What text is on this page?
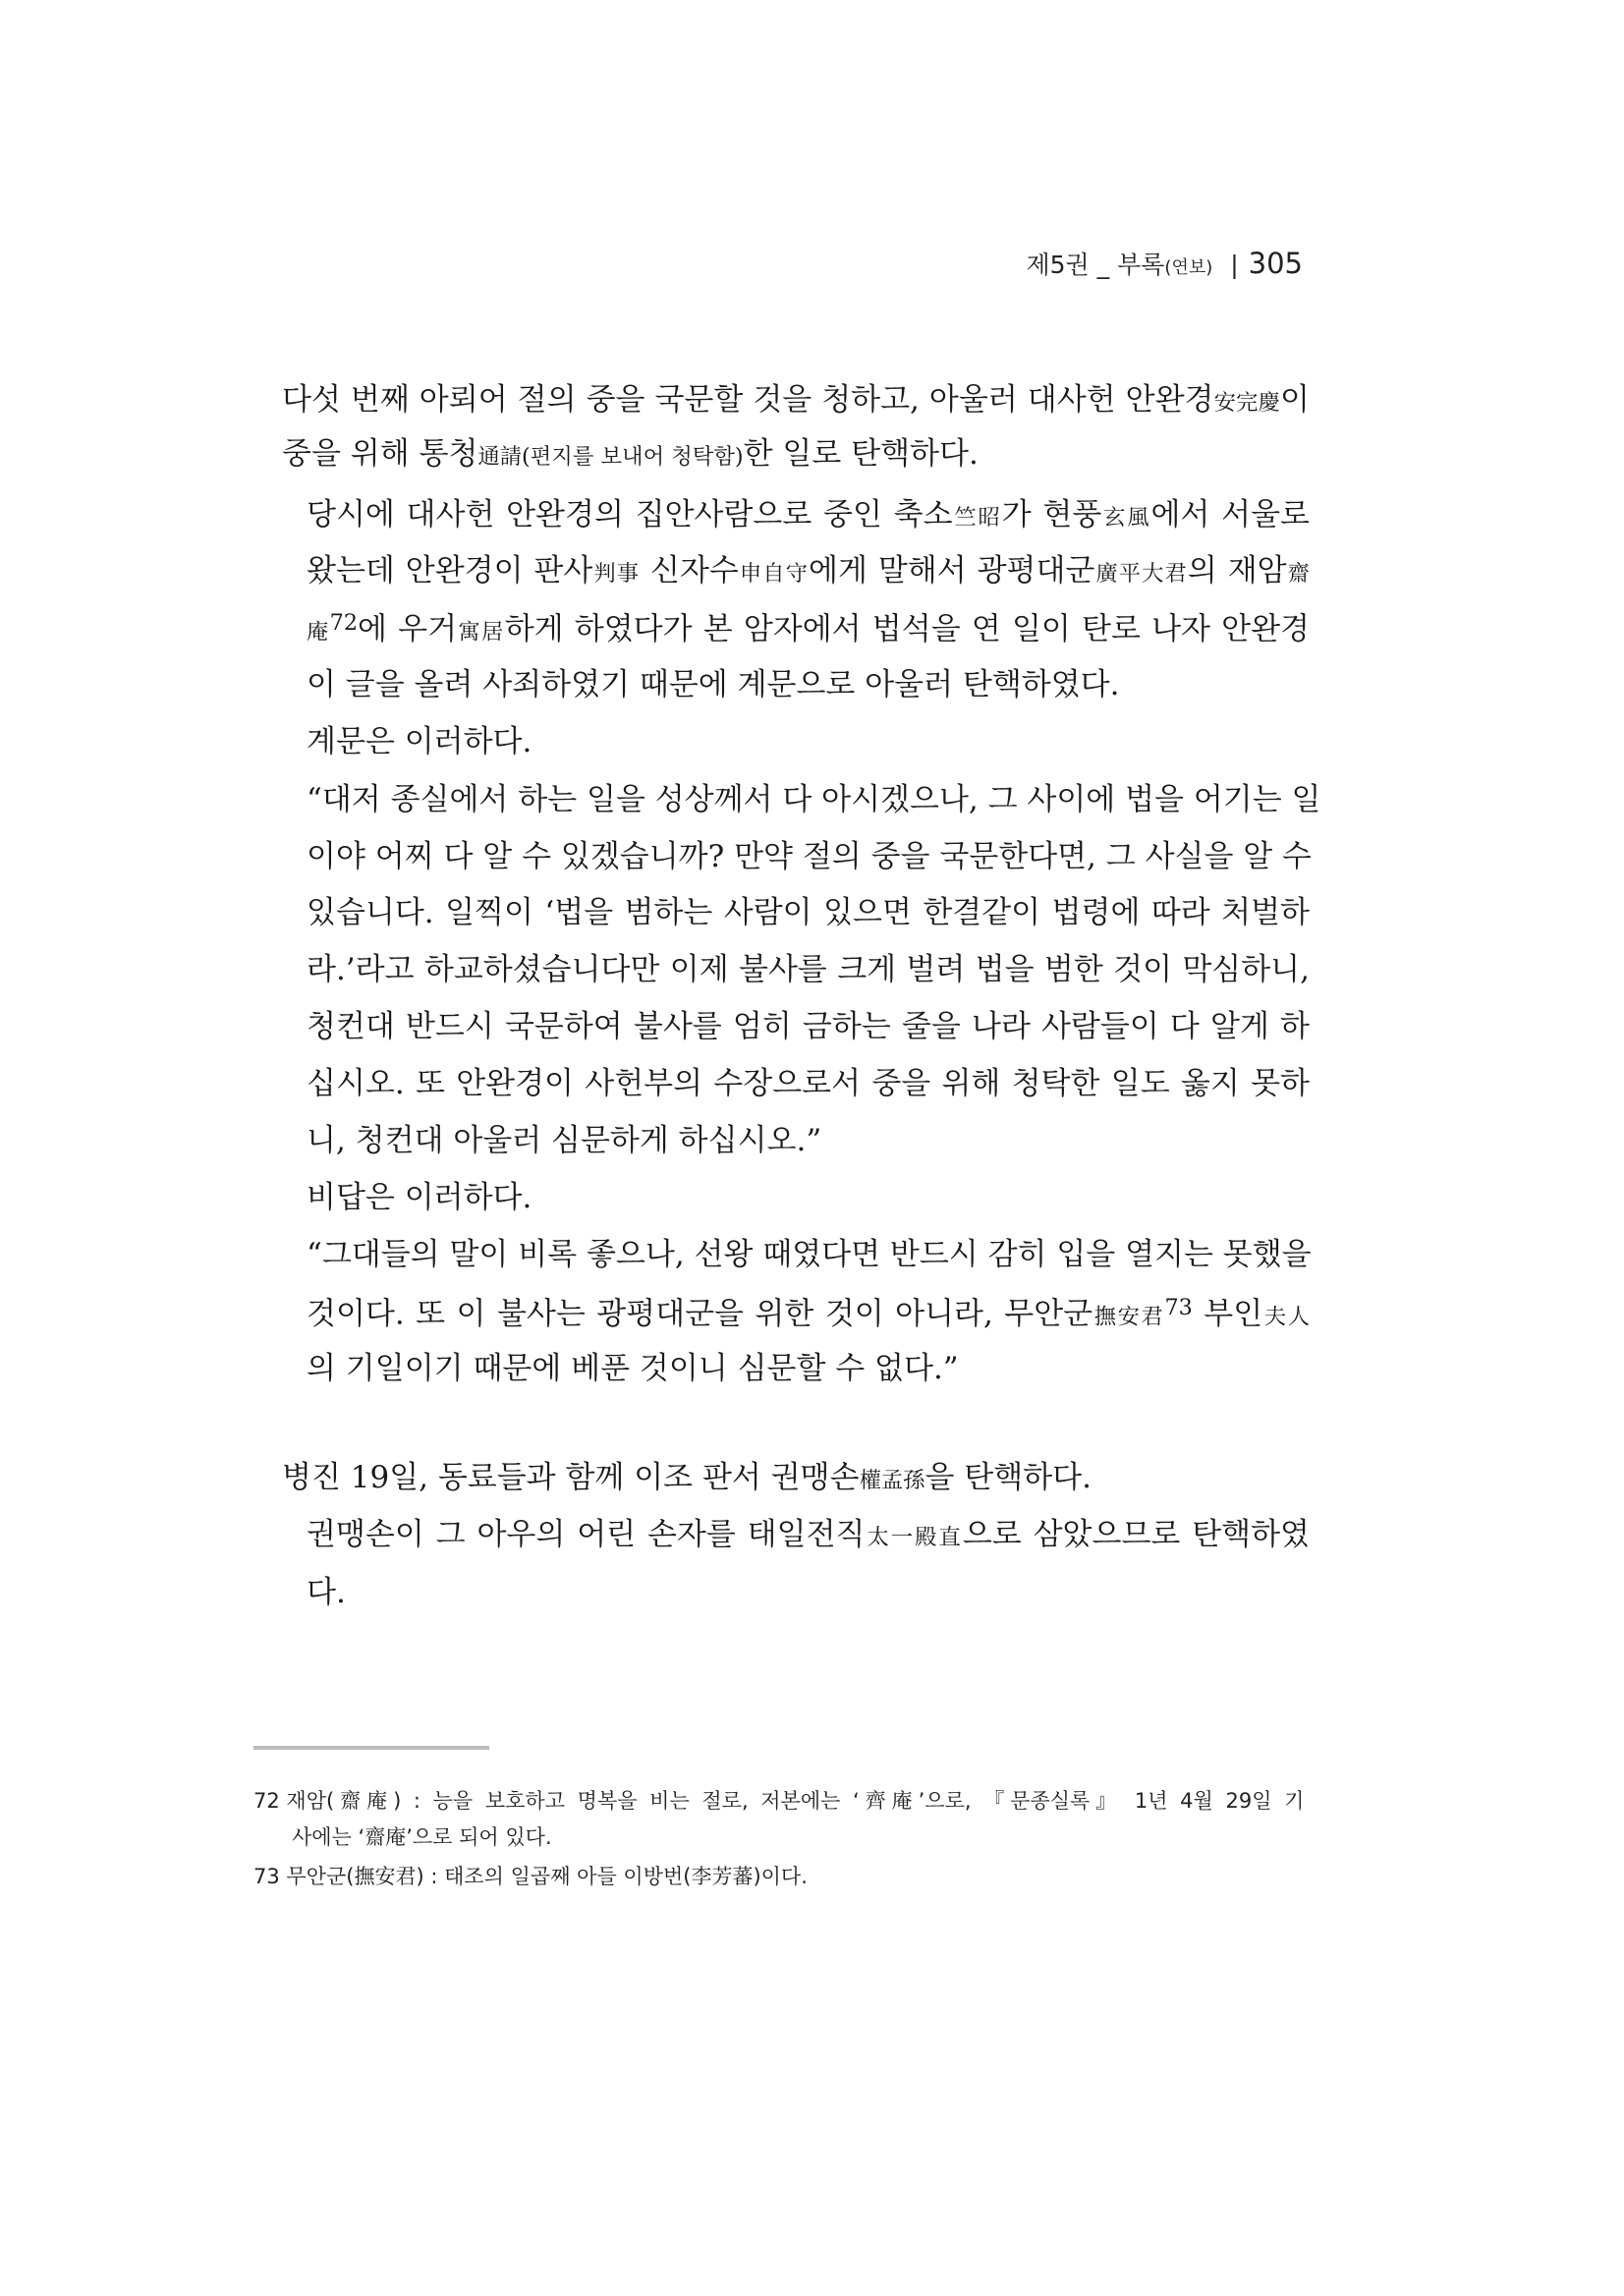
제5권 _ 부록(연보) | 305
다섯 번째 아뢰어 절의 중을 국문할 것을 청하고, 아울러 대사헌 안완경安完慶이
중을 위해 통청通請(편지를 보내어 청탁함)한 일로 탄핵하다.
당시에 대사헌 안완경의 집안사람으로 중인 축소竺昭가 현풍玄風에서 서울로
왔는데 안완경이 판사判事 신자수申自守에게 말해서 광평대군廣平大君의 재암齋
庵$^{72}$에 우거寓居하게 하였다가 본 암자에서 법석을 연 일이 탄로 나자 안완경
이 글을 올려 사죄하였기 때문에 계문으로 아울러 탄핵하였다.
계문은 이러하다.
“대저 종실에서 하는 일을 성상께서 다 아시겠으나, 그 사이에 법을 어기는 일
이야 어찌 다 알 수 있겠습니까? 만약 절의 중을 국문한다면, 그 사실을 알 수
있습니다. 일찍이 ‘법을 범하는 사람이 있으면 한결같이 법령에 따라 처벌하
라.’라고 하교하셨습니다만 이제 불사를 크게 벌려 법을 범한 것이 막심하니,
청컨대 반드시 국문하여 불사를 엄히 금하는 줄을 나라 사람들이 다 알게 하
십시오. 또 안완경이 사헌부의 수장으로서 중을 위해 청탁한 일도 옳지 못하
니, 청컨대 아울러 심문하게 하십시오.”
비답은 이러하다.
“그대들의 말이 비록 좋으나, 선왕 때였다면 반드시 감히 입을 열지는 못했을
것이다. 또 이 불사는 광평대군을 위한 것이 아니라, 무안군撫安君$^{73}$ 부인夫人
의 기일이기 때문에 베푼 것이니 심문할 수 없다.”
병진 19일, 동료들과 함께 이조 판서 권맹손權孟孫을 탄핵하다.
권맹손이 그 아우의 어린 손자를 태일전직太一殿直으로 삼았으므로 탄핵하였
다.
72 재암(齋庵) : 능을 보호하고 명복을 비는 절로, 저본에는 ‘齊庵’으로, 『문종실록』 1년 4월 29일 기
사에는 ‘齋庵’으로 되어 있다.
73 무안군(撫安君) : 태조의 일곱째 아들 이방번(李芳蕃)이다.
